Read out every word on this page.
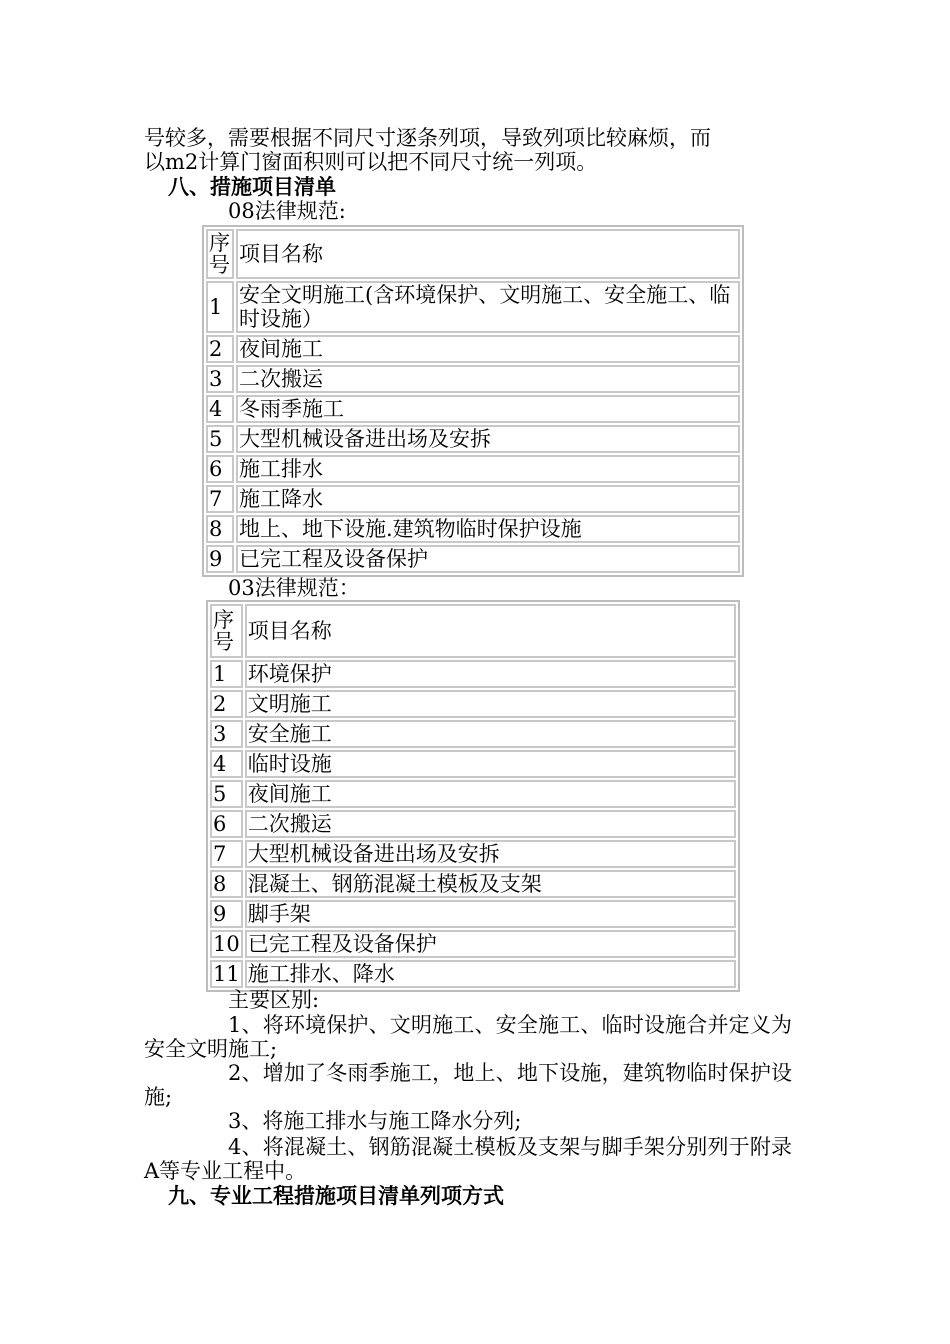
号较多，需要根据不同尺寸逐条列项，导致列项比较麻烦，而
以m2计算门窗面积则可以把不同尺寸统一列项。
八、措施项目清单
08法律规范:
序号	项目名称
1	安全文明施工(含环境保护、文明施工、安全施工、临时设施）
2	夜间施工
3	二次搬运
4	冬雨季施工
5	大型机械设备进出场及安拆
6	施工排水
7	施工降水
8	地上、地下设施.建筑物临时保护设施
9	已完工程及设备保护
03法律规范：
序号	项目名称
1	环境保护
2	文明施工
3	安全施工
4	临时设施
5	夜间施工
6	二次搬运
7	大型机械设备进出场及安拆
8	混凝土、钢筋混凝土模板及支架
9	脚手架
10	已完工程及设备保护
11	施工排水、降水
主要区别:
1、将环境保护、文明施工、安全施工、临时设施合并定义为安全文明施工;
2、增加了冬雨季施工，地上、地下设施，建筑物临时保护设施;
3、将施工排水与施工降水分列;
4、将混凝土、钢筋混凝土模板及支架与脚手架分别列于附录A等专业工程中。
九、专业工程措施项目清单列项方式
